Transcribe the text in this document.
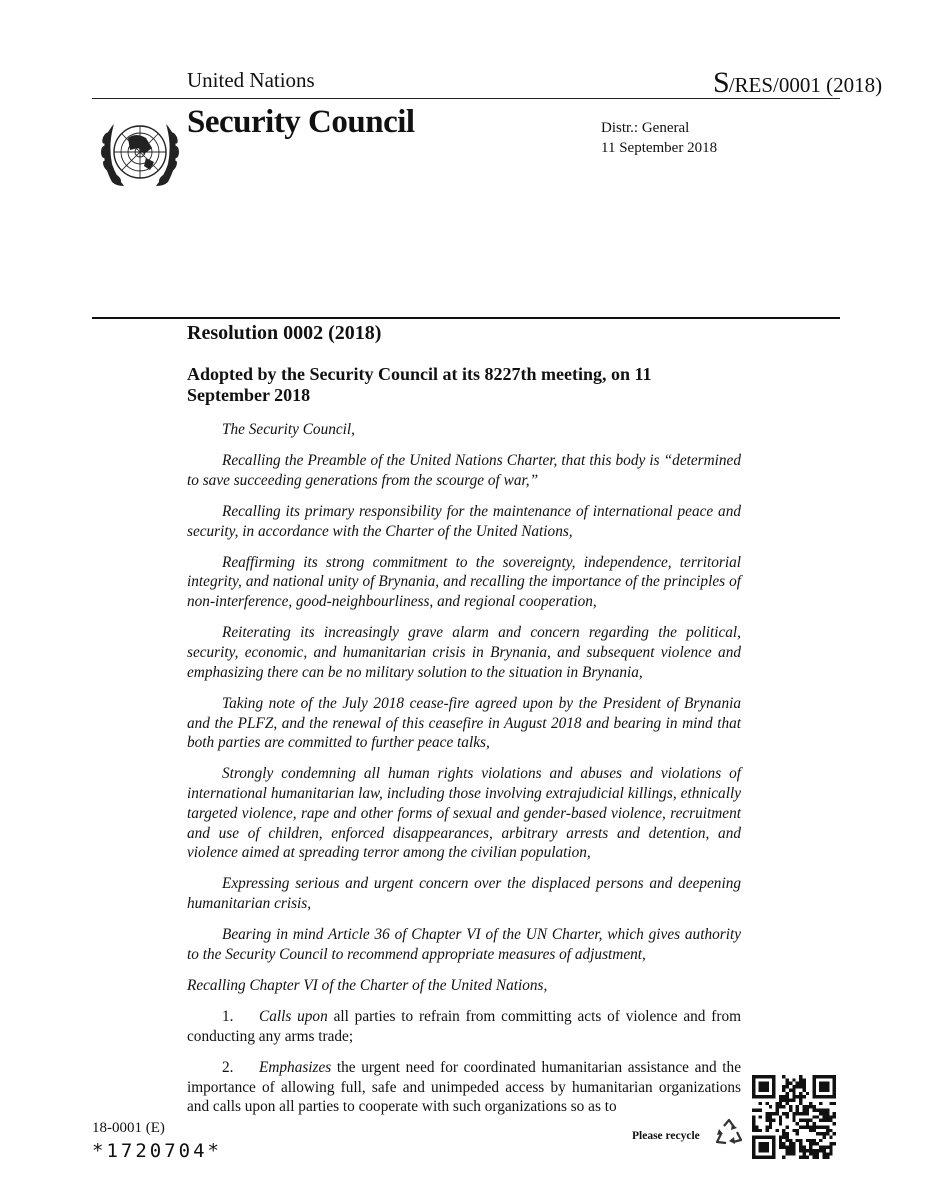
United Nations	S/RES/0001 (2018)
Security Council	Distr.: General
11 September 2018
Resolution 0002 (2018)
Adopted by the Security Council at its 8227th meeting, on 11 September 2018

The Security Council,

Recalling the Preamble of the United Nations Charter, that this body is “determined to save succeeding generations from the scourge of war,”

Recalling its primary responsibility for the maintenance of international peace and security, in accordance with the Charter of the United Nations,

Reaffirming its strong commitment to the sovereignty, independence, territorial integrity, and national unity of Brynania, and recalling the importance of the principles of non-interference, good-neighbourliness, and regional cooperation,

Reiterating its increasingly grave alarm and concern regarding the political, security, economic, and humanitarian crisis in Brynania, and subsequent violence and emphasizing there can be no military solution to the situation in Brynania,

Taking note of the July 2018 cease-fire agreed upon by the President of Brynania and the PLFZ, and the renewal of this ceasefire in August 2018 and bearing in mind that both parties are committed to further peace talks,

Strongly condemning all human rights violations and abuses and violations of international humanitarian law, including those involving extrajudicial killings, ethnically targeted violence, rape and other forms of sexual and gender-based violence, recruitment and use of children, enforced disappearances, arbitrary arrests and detention, and violence aimed at spreading terror among the civilian population,

Expressing serious and urgent concern over the displaced persons and deepening humanitarian crisis,

Bearing in mind Article 36 of Chapter VI of the UN Charter, which gives authority to the Security Council to recommend appropriate measures of adjustment,

Recalling Chapter VI of the Charter of the United Nations,

1. Calls upon all parties to refrain from committing acts of violence and from conducting any arms trade;

2. Emphasizes the urgent need for coordinated humanitarian assistance and the importance of allowing full, safe and unimpeded access by humanitarian organizations and calls upon all parties to cooperate with such organizations so as to

18-0001 (E)
*1720704*
Please recycle
